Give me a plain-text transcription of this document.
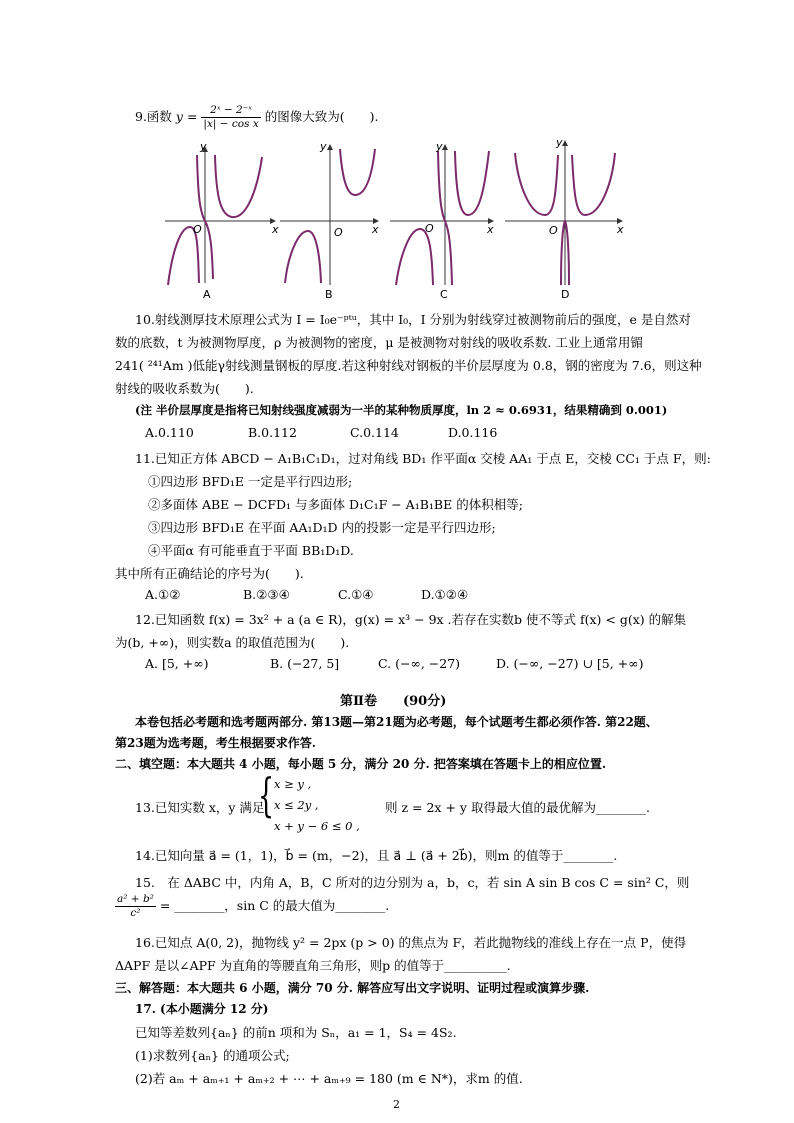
9.函数 $y = \frac{\text{2ˣ − 2⁻ˣ}}{\text{|x| − cos x}}$ 的图像大致为(　　).
y
O	x
A
y
O	x
B
y
O	x
C
y
O	x
D
10.射线测厚技术原理公式为 I = I₀e⁻ᵖᵗᵘ，其中 I₀，I 分别为射线穿过被测物前后的强度，e 是自然对
数的底数，t 为被测物厚度，ρ 为被测物的密度，μ 是被测物对射线的吸收系数. 工业上通常用镅
241( ²⁴¹Am )低能γ射线测量钢板的厚度.若这种射线对钢板的半价层厚度为 0.8，钢的密度为 7.6，则这种
射线的吸收系数为(　　).
(注 半价层厚度是指将已知射线强度减弱为一半的某种物质厚度，ln 2 ≈ 0.6931，结果精确到 0.001)
A.0.110	B.0.112	C.0.114	D.0.116
11.已知正方体 ABCD − A₁B₁C₁D₁，过对角线 BD₁ 作平面α 交棱 AA₁ 于点 E，交棱 CC₁ 于点 F，则:
①四边形 BFD₁E 一定是平行四边形;
②多面体 ABE − DCFD₁ 与多面体 D₁C₁F − A₁B₁BE 的体积相等;
③四边形 BFD₁E 在平面 AA₁D₁D 内的投影一定是平行四边形;
④平面α 有可能垂直于平面 BB₁D₁D.
其中所有正确结论的序号为(　　).
A.①②	B.②③④	C.①④	D.①②④
12.已知函数 f(x) = 3x² + a (a ∈ R)，g(x) = x³ − 9x .若存在实数b 使不等式 f(x) < g(x) 的解集
为(b, +∞)，则实数a 的取值范围为(　　).
A. [5, +∞)	B. (−27, 5]	C. (−∞, −27)	D. (−∞, −27) ∪ [5, +∞)
第Ⅱ卷　　(90分)
本卷包括必考题和选考题两部分. 第13题—第21题为必考题，每个试题考生都必须作答. 第22题、
第23题为选考题，考生根据要求作答.
二、填空题：本大题共 4 小题，每小题 5 分，满分 20 分. 把答案填在答题卡上的相应位置.
13.已知实数 x，y 满足
{ x ≥ y ,
x ≤ 2y ,
x + y − 6 ≤ 0 ,
则 z = 2x + y 取得最大值的最优解为________.
14.已知向量 a⃗ = (1，1)，b⃗ = (m，−2)，且 a⃗ ⊥ (a⃗ + 2b⃗)，则m 的值等于________.
15.　在 ΔABC 中，内角 A，B，C 所对的边分别为 a，b，c，若 sin A sin B cos C = sin² C，则
$\frac{\text{a² + b²}}{\text{c²}}$ = ________，sin C 的最大值为________.
16.已知点 A(0, 2)，抛物线 y² = 2px (p > 0) 的焦点为 F，若此抛物线的准线上存在一点 P，使得
ΔAPF 是以∠APF 为直角的等腰直角三角形，则p 的值等于__________.
三、解答题：本大题共 6 小题，满分 70 分. 解答应写出文字说明、证明过程或演算步骤.
17. (本小题满分 12 分)
已知等差数列{aₙ} 的前n 项和为 Sₙ，a₁ = 1，S₄ = 4S₂.
(1)求数列{aₙ} 的通项公式;
(2)若 aₘ + aₘ₊₁ + aₘ₊₂ + ⋯ + aₘ₊₉ = 180 (m ∈ N*)，求m 的值.
2
